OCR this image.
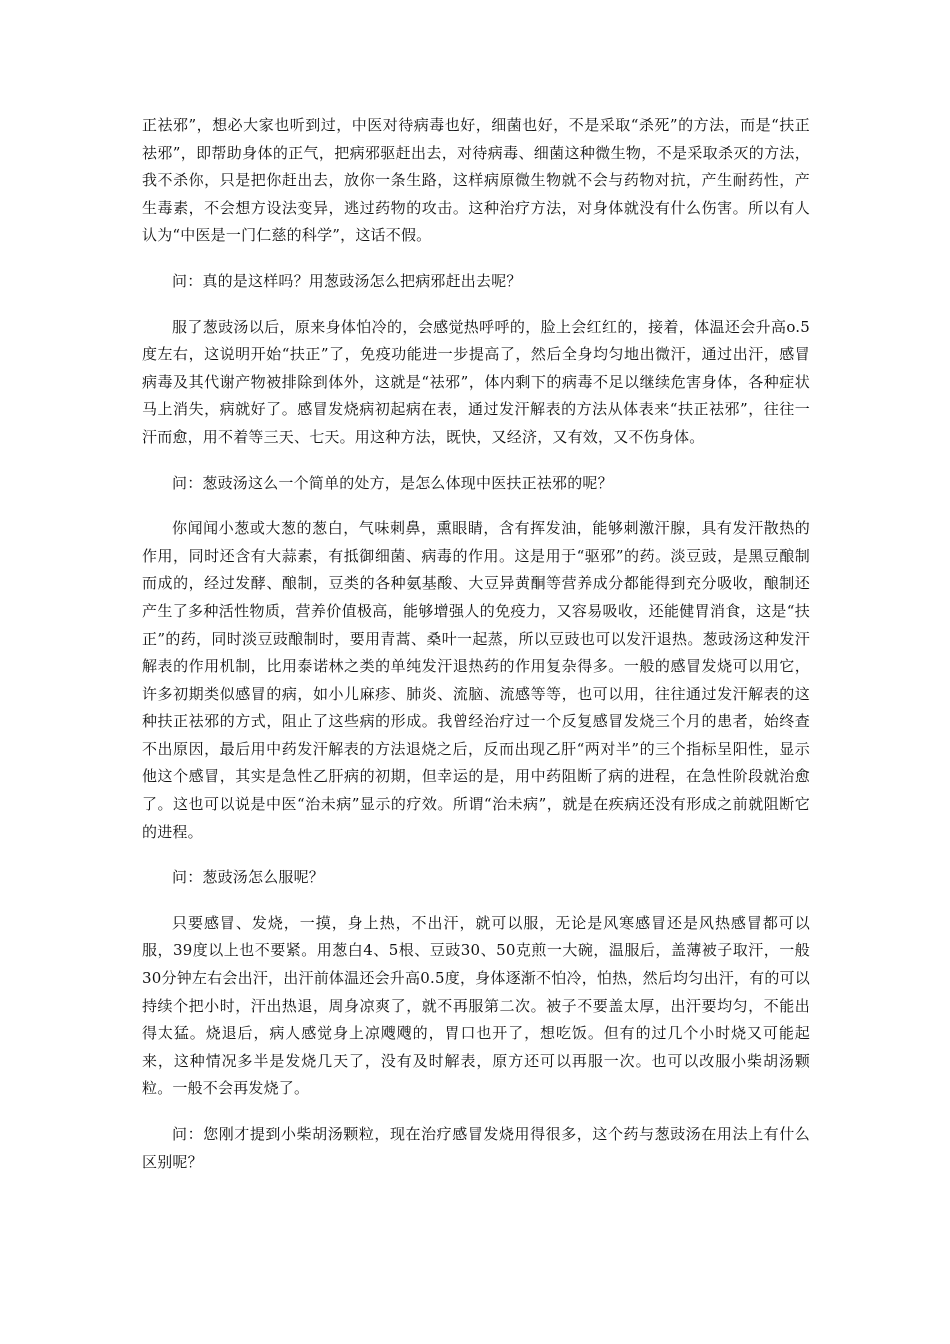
正祛邪”，想必大家也听到过，中医对待病毒也好，细菌也好，不是采取“杀死”的方法，而是“扶正祛邪”，即帮助身体的正气，把病邪驱赶出去，对待病毒、细菌这种微生物，不是采取杀灭的方法，我不杀你，只是把你赶出去，放你一条生路，这样病原微生物就不会与药物对抗，产生耐药性，产生毒素，不会想方设法变异，逃过药物的攻击。这种治疗方法，对身体就没有什么伤害。所以有人认为“中医是一门仁慈的科学”，这话不假。

问：真的是这样吗？用葱豉汤怎么把病邪赶出去呢？

服了葱豉汤以后，原来身体怕冷的，会感觉热呼呼的，脸上会红红的，接着，体温还会升高o.5度左右，这说明开始“扶正”了，免疫功能进一步提高了，然后全身均匀地出微汗，通过出汗，感冒病毒及其代谢产物被排除到体外，这就是“祛邪”，体内剩下的病毒不足以继续危害身体，各种症状马上消失，病就好了。感冒发烧病初起病在表，通过发汗解表的方法从体表来“扶正祛邪”，往往一汗而愈，用不着等三天、七天。用这种方法，既快，又经济，又有效，又不伤身体。

问：葱豉汤这么一个简单的处方，是怎么体现中医扶正祛邪的呢？

你闻闻小葱或大葱的葱白，气味刺鼻，熏眼睛，含有挥发油，能够刺激汗腺，具有发汗散热的作用，同时还含有大蒜素，有抵御细菌、病毒的作用。这是用于“驱邪”的药。淡豆豉，是黑豆酿制而成的，经过发酵、酿制，豆类的各种氨基酸、大豆异黄酮等营养成分都能得到充分吸收，酿制还产生了多种活性物质，营养价值极高，能够增强人的免疫力，又容易吸收，还能健胃消食，这是“扶正”的药，同时淡豆豉酿制时，要用青蒿、桑叶一起蒸，所以豆豉也可以发汗退热。葱豉汤这种发汗解表的作用机制，比用泰诺林之类的单纯发汗退热药的作用复杂得多。一般的感冒发烧可以用它，许多初期类似感冒的病，如小儿麻疹、肺炎、流脑、流感等等，也可以用，往往通过发汗解表的这种扶正祛邪的方式，阻止了这些病的形成。我曾经治疗过一个反复感冒发烧三个月的患者，始终查不出原因，最后用中药发汗解表的方法退烧之后，反而出现乙肝“两对半”的三个指标呈阳性，显示他这个感冒，其实是急性乙肝病的初期，但幸运的是，用中药阻断了病的进程，在急性阶段就治愈了。这也可以说是中医“治未病”显示的疗效。所谓“治未病”，就是在疾病还没有形成之前就阻断它的进程。

问：葱豉汤怎么服呢？

只要感冒、发烧，一摸，身上热，不出汗，就可以服，无论是风寒感冒还是风热感冒都可以服，39度以上也不要紧。用葱白4、5根、豆豉30、50克煎一大碗，温服后，盖薄被子取汗，一般30分钟左右会出汗，出汗前体温还会升高0.5度，身体逐渐不怕冷，怕热，然后均匀出汗，有的可以持续个把小时，汗出热退，周身凉爽了，就不再服第二次。被子不要盖太厚，出汗要均匀，不能出得太猛。烧退后，病人感觉身上凉飕飕的，胃口也开了，想吃饭。但有的过几个小时烧又可能起来，这种情况多半是发烧几天了，没有及时解表，原方还可以再服一次。也可以改服小柴胡汤颗粒。一般不会再发烧了。

问：您刚才提到小柴胡汤颗粒，现在治疗感冒发烧用得很多，这个药与葱豉汤在用法上有什么区别呢？
